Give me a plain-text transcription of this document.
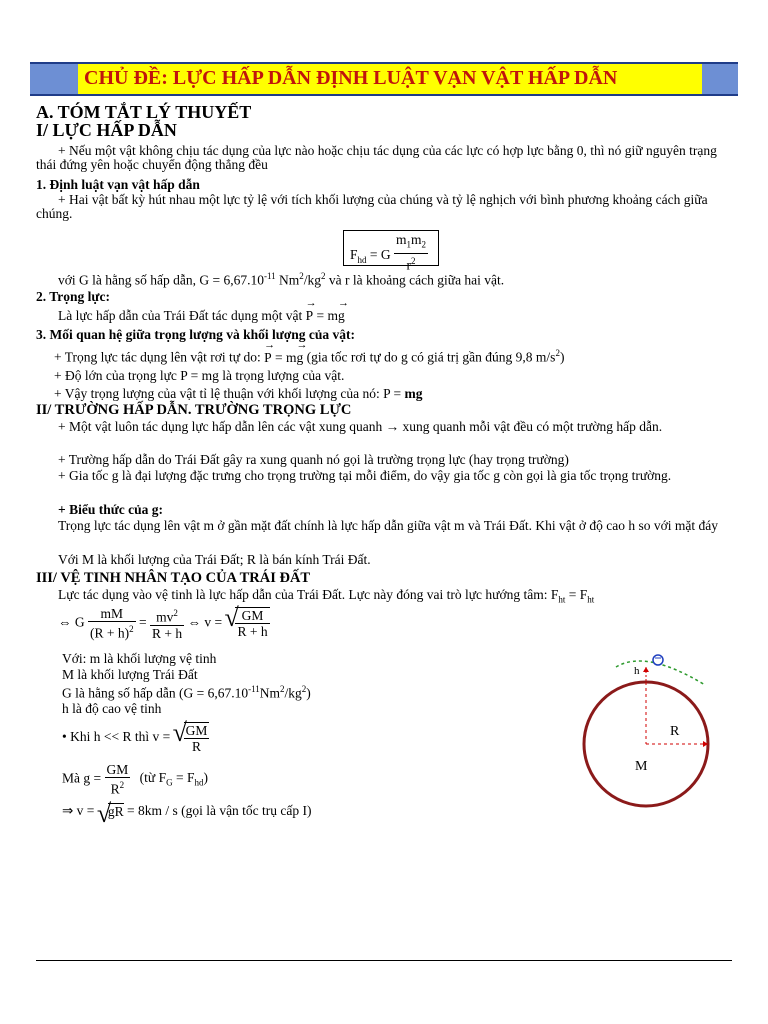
CHỦ ĐỀ: LỰC HẤP DẪN ĐỊNH LUẬT VẠN VẬT HẤP DẪN
A. TÓM TẮT LÝ THUYẾT
I/ LỰC HẤP DẪN
+ Nếu một vật không chịu tác dụng của lực nào hoặc chịu tác dụng của các lực có hợp lực bằng 0, thì nó giữ nguyên trạng thái đứng yên hoặc chuyển động thẳng đều
1. Định luật vạn vật hấp dẫn
+ Hai vật bất kỳ hút nhau một lực tỷ lệ với tích khối lượng của chúng và tỷ lệ nghịch với bình phương khoảng cách giữa chúng.
$F_{hd} = G \frac{m_1m_2}{r^2}$
với G là hằng số hấp dẫn, $G = 6,67.10^{-11}$ $Nm^2/kg^2$ và r là khoảng cách giữa hai vật.
2. Trọng lực:
Là lực hấp dẫn của Trái Đất tác dụng một vật → P = m→ g
3. Mối quan hệ giữa trọng lượng và khối lượng của vật:
+ Trọng lực tác dụng lên vật rơi tự do: → P = m→ g (gia tốc rơi tự do g có giá trị gần đúng 9,8 $m/s^2$)
+ Độ lớn của trọng lực P = mg là trọng lượng của vật.
+ Vậy trọng lượng của vật tỉ lệ thuận với khối lượng của nó: P = mg
II/ TRƯỜNG HẤP DẪN. TRƯỜNG TRỌNG LỰC
+ Một vật luôn tác dụng lực hấp dẫn lên các vật xung quanh → xung quanh mỗi vật đều có một trường hấp dẫn.
+ Trường hấp dẫn do Trái Đất gây ra xung quanh nó gọi là trường trọng lực (hay trọng trường)
+ Gia tốc g là đại lượng đặc trưng cho trọng trường tại mỗi điểm, do vậy gia tốc g còn gọi là gia tốc trọng trường.
+ Biểu thức của g:
Trọng lực tác dụng lên vật m ở gần mặt đất chính là lực hấp dẫn giữa vật m và Trái Đất. Khi vật ở độ cao h so với mặt đáy
Với M là khối lượng của Trái Đất; R là bán kính Trái Đất.
III/ VỆ TINH NHÂN TẠO CỦA TRÁI ĐẤT
Lực tác dụng vào vệ tinh là lực hấp dẫn của Trái Đất. Lực này đóng vai trò lực hướng tâm: $F_{ht} = F_{ht}$
⇔ G $\frac{mM}{(R + h)^2} = \frac{mv^2}{R + h}$ ⇔ v = √ $\frac{GM}{R + h}$
Với: m là khối lượng vệ tinh
M là khối lượng Trái Đất
G là hằng số hấp dẫn $(G = 6,67.10^{-11}Nm^2/kg^2)$
h là độ cao vệ tinh
• Khi h << R thì v = √ $\frac{GM}{R}$
Mà $g = \frac{GM}{R^2}$ (từ $F_G = F_{hd}$)
⇒ v = √ gR = 8km / s (gọi là vận tốc trụ cấp I)
h
R
M
